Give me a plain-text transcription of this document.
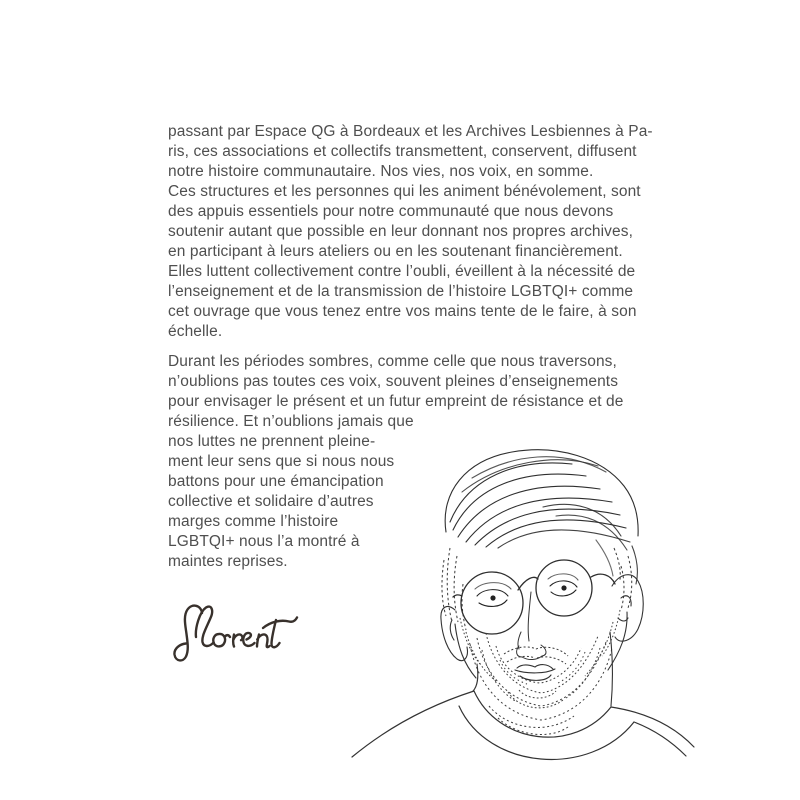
passant par Espace QG à Bordeaux et les Archives Lesbiennes à Pa-
ris, ces associations et collectifs transmettent, conservent, diffusent
notre histoire communautaire. Nos vies, nos voix, en somme.
Ces structures et les personnes qui les animent bénévolement, sont
des appuis essentiels pour notre communauté que nous devons
soutenir autant que possible en leur donnant nos propres archives,
en participant à leurs ateliers ou en les soutenant financièrement.
Elles luttent collectivement contre l’oubli, éveillent à la nécessité de
l’enseignement et de la transmission de l’histoire LGBTQI+ comme
cet ouvrage que vous tenez entre vos mains tente de le faire, à son
échelle.
Durant les périodes sombres, comme celle que nous traversons,
n’oublions pas toutes ces voix, souvent pleines d’enseignements
pour envisager le présent et un futur empreint de résistance et de
résilience. Et n’oublions jamais que
nos luttes ne prennent pleine-
ment leur sens que si nous nous
battons pour une émancipation
collective et solidaire d’autres
marges comme l’histoire
LGBTQI+ nous l’a montré à
maintes reprises.
